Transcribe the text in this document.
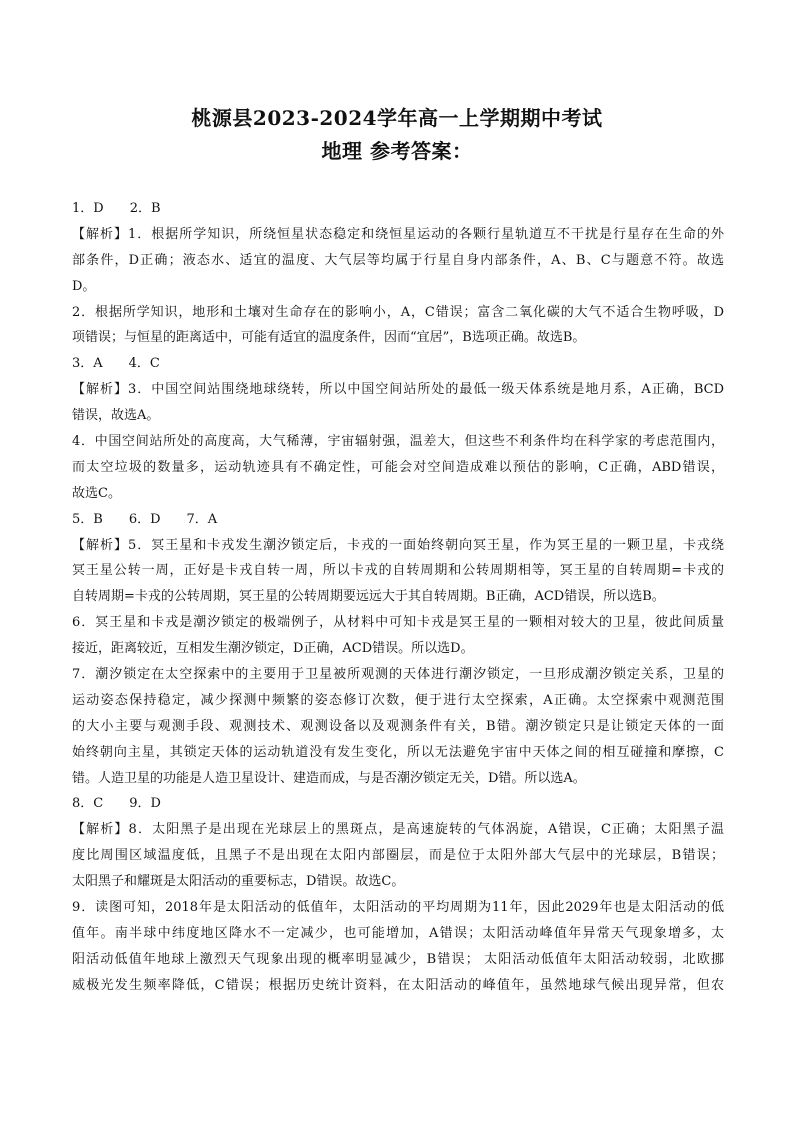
桃源县2023-2024学年高一上学期期中考试
地理 参考答案：
1．D　　2．B
【解析】1．根据所学知识，所绕恒星状态稳定和绕恒星运动的各颗行星轨道互不干扰是行星存在生命的外
部条件，D正确；液态水、适宜的温度、大气层等均属于行星自身内部条件，A、B、C与题意不符。故选
D。
2．根据所学知识，地形和土壤对生命存在的影响小，A，C错误；富含二氧化碳的大气不适合生物呼吸，D
项错误；与恒星的距离适中，可能有适宜的温度条件，因而“宜居”，B选项正确。故选B。
3．A　　4．C
【解析】3．中国空间站围绕地球绕转，所以中国空间站所处的最低一级天体系统是地月系，A正确，BCD
错误，故选A。
4．中国空间站所处的高度高，大气稀薄，宇宙辐射强，温差大，但这些不利条件均在科学家的考虑范围内，
而太空垃圾的数量多，运动轨迹具有不确定性，可能会对空间造成难以预估的影响，C正确，ABD错误，
故选C。
5．B　　6．D　　7．A
【解析】5．冥王星和卡戎发生潮汐锁定后，卡戎的一面始终朝向冥王星，作为冥王星的一颗卫星，卡戎绕
冥王星公转一周，正好是卡戎自转一周，所以卡戎的自转周期和公转周期相等，冥王星的自转周期=卡戎的
自转周期=卡戎的公转周期，冥王星的公转周期要远远大于其自转周期。B正确，ACD错误，所以选B。
6．冥王星和卡戎是潮汐锁定的极端例子，从材料中可知卡戎是冥王星的一颗相对较大的卫星，彼此间质量
接近，距离较近，互相发生潮汐锁定，D正确，ACD错误。所以选D。
7．潮汐锁定在太空探索中的主要用于卫星被所观测的天体进行潮汐锁定，一旦形成潮汐锁定关系，卫星的
运动姿态保持稳定，减少探测中频繁的姿态修订次数，便于进行太空探索，A正确。太空探索中观测范围
的大小主要与观测手段、观测技术、观测设备以及观测条件有关，B错。潮汐锁定只是让锁定天体的一面
始终朝向主星，其锁定天体的运动轨道没有发生变化，所以无法避免宇宙中天体之间的相互碰撞和摩擦，C
错。人造卫星的功能是人造卫星设计、建造而成，与是否潮汐锁定无关，D错。所以选A。
8．C　　9．D
【解析】8．太阳黑子是出现在光球层上的黑斑点，是高速旋转的气体涡旋，A错误，C正确；太阳黑子温
度比周围区域温度低，且黑子不是出现在太阳内部圈层，而是位于太阳外部大气层中的光球层，B错误；
太阳黑子和耀斑是太阳活动的重要标志，D错误。故选C。
9．读图可知，2018年是太阳活动的低值年，太阳活动的平均周期为11年，因此2029年也是太阳活动的低
值年。南半球中纬度地区降水不一定减少，也可能增加，A错误；太阳活动峰值年异常天气现象增多，太
阳活动低值年地球上激烈天气现象出现的概率明显减少，B错误； 太阳活动低值年太阳活动较弱，北欧挪
威极光发生频率降低，C错误；根据历史统计资料，在太阳活动的峰值年，虽然地球气候出现异常，但农
